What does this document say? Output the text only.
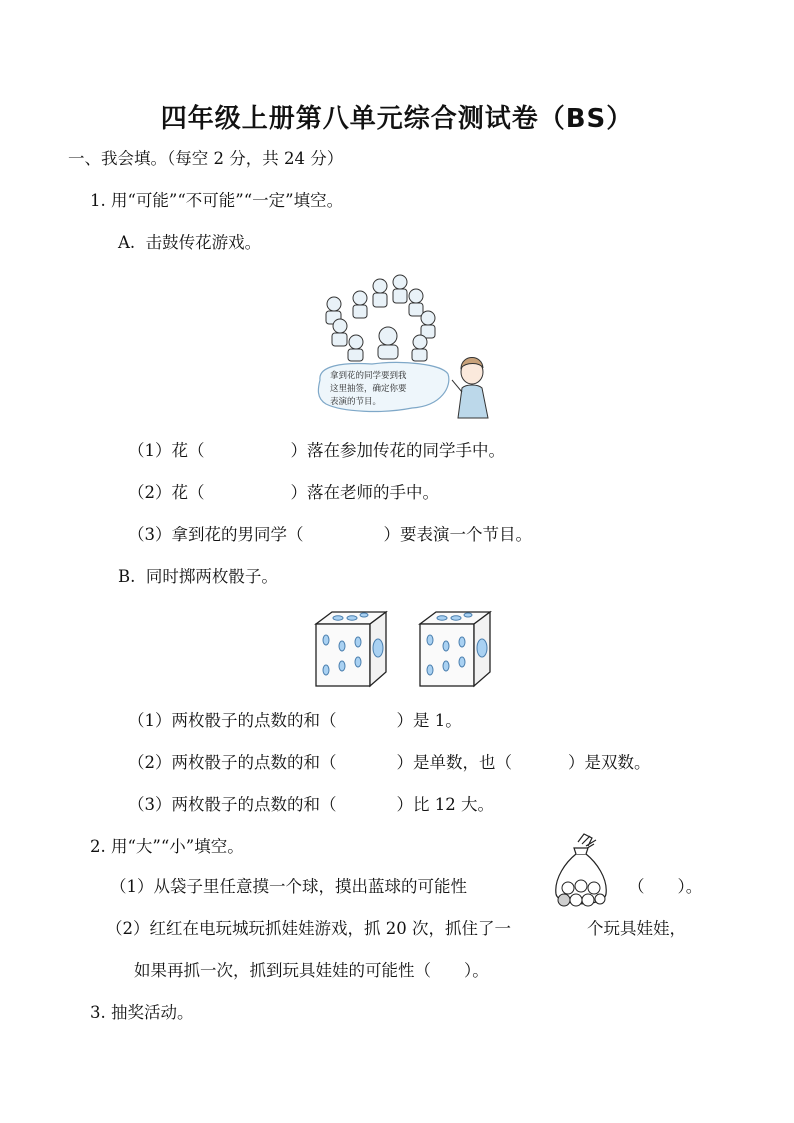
四年级上册第八单元综合测试卷（BS）
一、我会填。（每空 2 分，共 24 分）
1. 用“可能”“不可能”“一定”填空。
A. 击鼓传花游戏。
拿到花的同学要到我
这里抽签，确定你要
表演的节目。
（1）花（	）落在参加传花的同学手中。
（2）花（	）落在老师的手中。
（3）拿到花的男同学（	）要表演一个节目。
B. 同时掷两枚骰子。
（1）两枚骰子的点数的和（	）是 1。
（2）两枚骰子的点数的和（	）是单数，也（	）是双数。
（3）两枚骰子的点数的和（	）比 12 大。
2. 用“大”“小”填空。
（1）从袋子里任意摸一个球，摸出蓝球的可能性	（　　）。
（2）红红在电玩城玩抓娃娃游戏，抓 20 次，抓住了一	个玩具娃娃，
如果再抓一次，抓到玩具娃娃的可能性（　　）。
3. 抽奖活动。
